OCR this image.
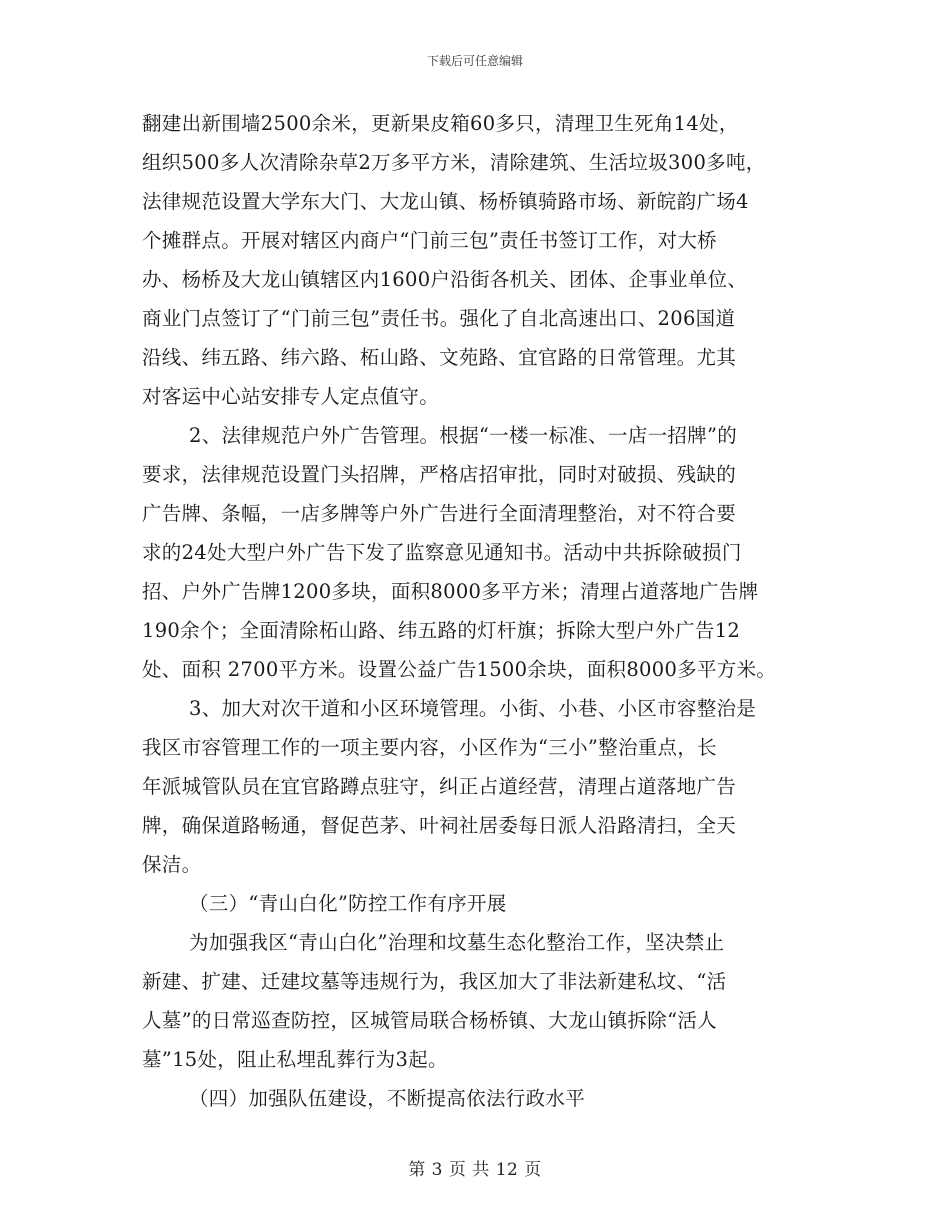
下载后可任意编辑
翻建出新围墙2500余米，更新果皮箱60多只，清理卫生死角14处，
组织500多人次清除杂草2万多平方米，清除建筑、生活垃圾300多吨，
法律规范设置大学东大门、大龙山镇、杨桥镇骑路市场、新皖韵广场4
个摊群点。开展对辖区内商户“门前三包”责任书签订工作，对大桥
办、杨桥及大龙山镇辖区内1600户沿街各机关、团体、企事业单位、
商业门点签订了“门前三包”责任书。强化了自北高速出口、206国道
沿线、纬五路、纬六路、柘山路、文苑路、宜官路的日常管理。尤其
对客运中心站安排专人定点值守。
2、法律规范户外广告管理。根据“一楼一标准、一店一招牌”的
要求，法律规范设置门头招牌，严格店招审批，同时对破损、残缺的
广告牌、条幅，一店多牌等户外广告进行全面清理整治，对不符合要
求的24处大型户外广告下发了监察意见通知书。活动中共拆除破损门
招、户外广告牌1200多块，面积8000多平方米；清理占道落地广告牌
190余个；全面清除柘山路、纬五路的灯杆旗；拆除大型户外广告12
处、面积 2700平方米。设置公益广告1500余块，面积8000多平方米。
3、加大对次干道和小区环境管理。小街、小巷、小区市容整治是
我区市容管理工作的一项主要内容，小区作为“三小”整治重点，长
年派城管队员在宜官路蹲点驻守，纠正占道经营，清理占道落地广告
牌，确保道路畅通，督促芭茅、叶祠社居委每日派人沿路清扫，全天
保洁。
（三）“青山白化”防控工作有序开展
为加强我区“青山白化”治理和坟墓生态化整治工作，坚决禁止
新建、扩建、迁建坟墓等违规行为，我区加大了非法新建私坟、“活
人墓”的日常巡查防控，区城管局联合杨桥镇、大龙山镇拆除“活人
墓”15处，阻止私埋乱葬行为3起。
（四）加强队伍建设，不断提高依法行政水平
第 3 页 共 12 页
